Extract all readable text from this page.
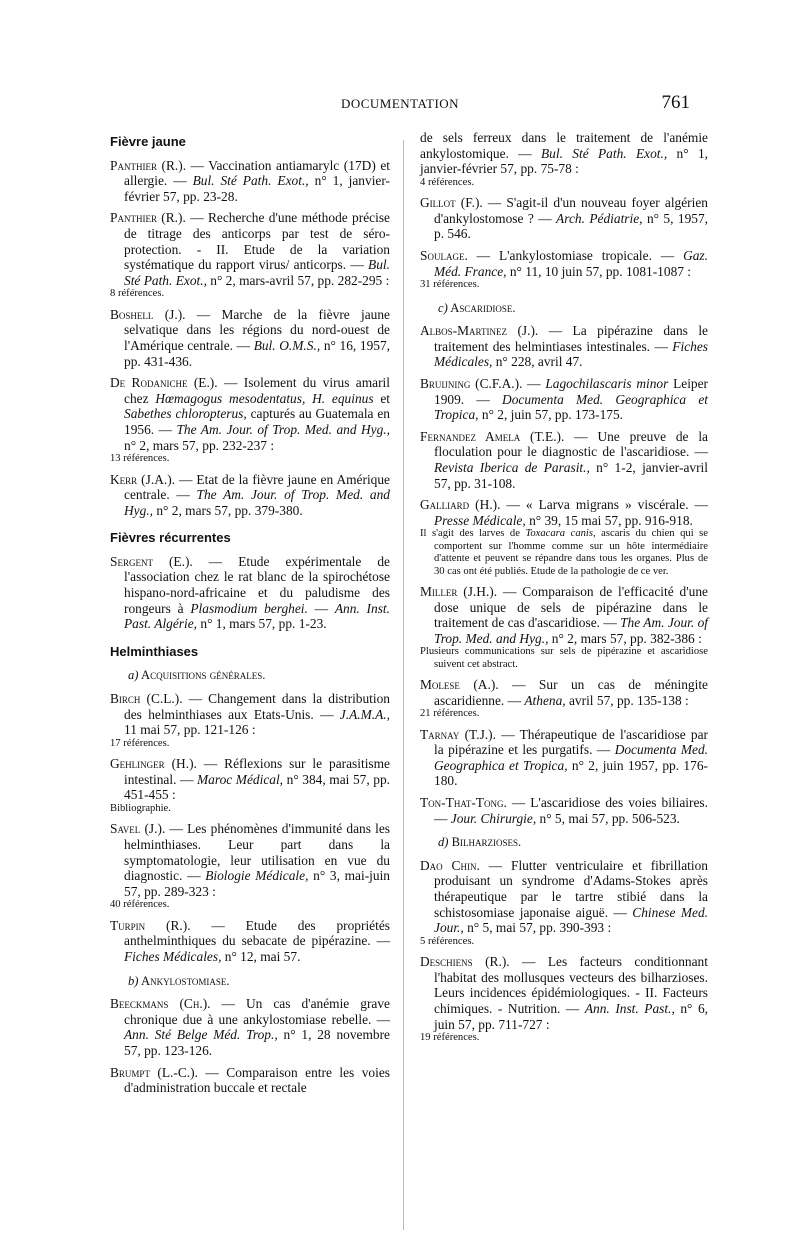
DOCUMENTATION	761
Fièvre jaune
Panthier (R.). — Vaccination antiamarylc (17D) et allergie. — Bul. Sté Path. Exot., n° 1, janvier-février 57, pp. 23-28.
Panthier (R.). — Recherche d'une méthode précise de titrage des anticorps par test de séro-protection. - II. Etude de la variation systématique du rapport virus/ anticorps. — Bul. Sté Path. Exot., n° 2, mars-avril 57, pp. 282-295 :
8 références.
Boshell (J.). — Marche de la fièvre jaune selvatique dans les régions du nord-ouest de l'Amérique centrale. — Bul. O.M.S., n° 16, 1957, pp. 431-436.
De Rodaniche (E.). — Isolement du virus amaril chez Hœmagogus mesodentatus, H. equinus et Sabethes chloropterus, capturés au Guatemala en 1956. — The Am. Jour. of Trop. Med. and Hyg., n° 2, mars 57, pp. 232-237 :
13 références.
Kerr (J.A.). — Etat de la fièvre jaune en Amérique centrale. — The Am. Jour. of Trop. Med. and Hyg., n° 2, mars 57, pp. 379-380.
Fièvres récurrentes
Sergent (E.). — Etude expérimentale de l'association chez le rat blanc de la spirochétose hispano-nord-africaine et du paludisme des rongeurs à Plasmodium berghei. — Ann. Inst. Past. Algérie, n° 1, mars 57, pp. 1-23.
Helminthiases
a) Acquisitions générales.
Birch (C.L.). — Changement dans la distribution des helminthiases aux Etats-Unis. — J.A.M.A., 11 mai 57, pp. 121-126 :
17 références.
Gehlinger (H.). — Réflexions sur le parasitisme intestinal. — Maroc Médical, n° 384, mai 57, pp. 451-455 :
Bibliographie.
Savel (J.). — Les phénomènes d'immunité dans les helminthiases. Leur part dans la symptomatologie, leur utilisation en vue du diagnostic. — Biologie Médicale, n° 3, mai-juin 57, pp. 289-323 :
40 références.
Turpin (R.). — Etude des propriétés anthelminthiques du sebacate de pipérazine. — Fiches Médicales, n° 12, mai 57.
b) Ankylostomiase.
Beeckmans (Ch.). — Un cas d'anémie grave chronique due à une ankylostomiase rebelle. — Ann. Sté Belge Méd. Trop., n° 1, 28 novembre 57, pp. 123-126.
Brumpt (L.-C.). — Comparaison entre les voies d'administration buccale et rectale
de sels ferreux dans le traitement de l'anémie ankylostomique. — Bul. Sté Path. Exot., n° 1, janvier-février 57, pp. 75-78 :
4 références.
Gillot (F.). — S'agit-il d'un nouveau foyer algérien d'ankylostomose ? — Arch. Pédiatrie, n° 5, 1957, p. 546.
Soulage. — L'ankylostomiase tropicale. — Gaz. Méd. France, n° 11, 10 juin 57, pp. 1081-1087 :
31 références.
c) Ascaridiose.
Albos-Martinez (J.). — La pipérazine dans le traitement des helmintiases intestinales. — Fiches Médicales, n° 228, avril 47.
Bruijning (C.F.A.). — Lagochilascaris minor Leiper 1909. — Documenta Med. Geographica et Tropica, n° 2, juin 57, pp. 173-175.
Fernandez Amela (T.E.). — Une preuve de la floculation pour le diagnostic de l'ascaridiose. — Revista Iberica de Parasit., n° 1-2, janvier-avril 57, pp. 31-108.
Galliard (H.). — « Larva migrans » viscérale. — Presse Médicale, n° 39, 15 mai 57, pp. 916-918.
Il s'agit des larves de Toxacara canis, ascaris du chien qui se comportent sur l'homme comme sur un hôte intermédiaire d'attente et peuvent se répandre dans tous les organes. Plus de 30 cas ont été publiés. Etude de la pathologie de ce ver.
Miller (J.H.). — Comparaison de l'efficacité d'une dose unique de sels de pipérazine dans le traitement de cas d'ascaridiose. — The Am. Jour. of Trop. Med. and Hyg., n° 2, mars 57, pp. 382-386 :
Plusieurs communications sur sels de pipérazine et ascaridiose suivent cet abstract.
Molese (A.). — Sur un cas de méningite ascaridienne. — Athena, avril 57, pp. 135-138 :
21 références.
Tarnay (T.J.). — Thérapeutique de l'ascaridiose par la pipérazine et les purgatifs. — Documenta Med. Geographica et Tropica, n° 2, juin 1957, pp. 176-180.
Ton-That-Tong. — L'ascaridiose des voies biliaires. — Jour. Chirurgie, n° 5, mai 57, pp. 506-523.
d) Bilharzioses.
Dao Chin. — Flutter ventriculaire et fibrillation produisant un syndrome d'Adams-Stokes après thérapeutique par le tartre stibié dans la schistosomiase japonaise aiguë. — Chinese Med. Jour., n° 5, mai 57, pp. 390-393 :
5 références.
Deschiens (R.). — Les facteurs conditionnant l'habitat des mollusques vecteurs des bilharzioses. Leurs incidences épidémiologiques. - II. Facteurs chimiques. - Nutrition. — Ann. Inst. Past., n° 6, juin 57, pp. 711-727 :
19 références.
